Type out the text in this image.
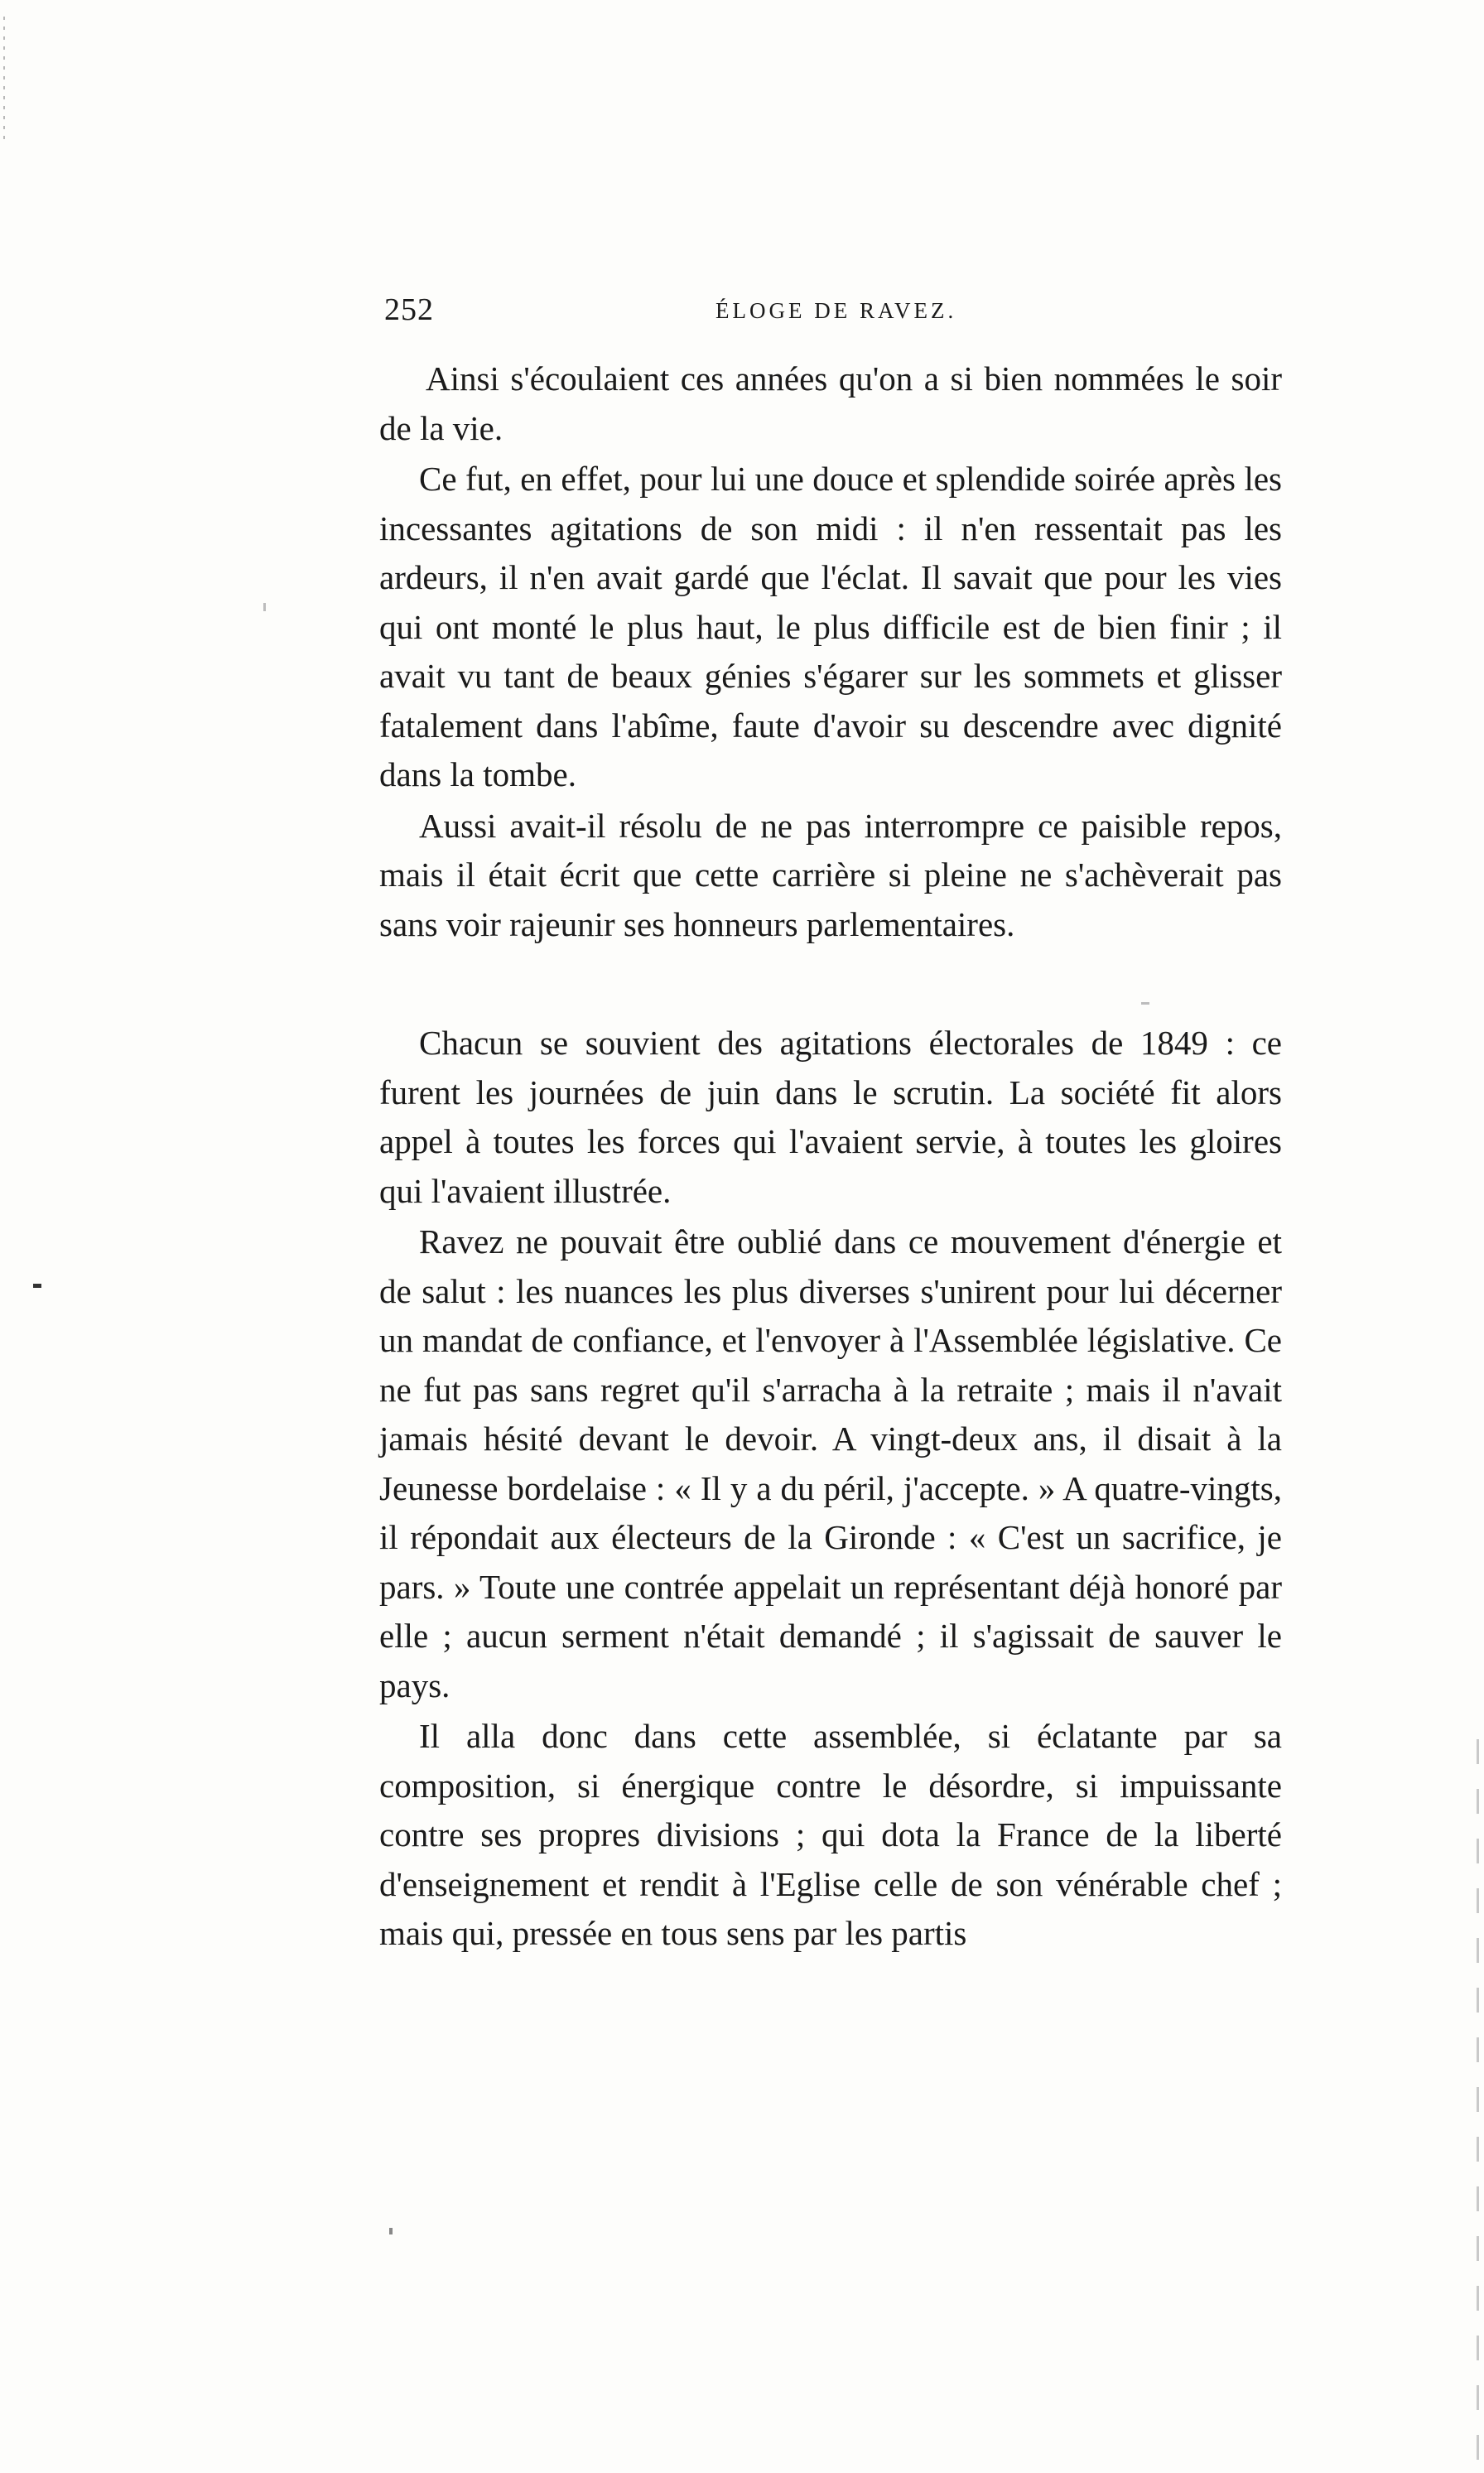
252	ÉLOGE DE RAVEZ.

Ainsi s'écoulaient ces années qu'on a si bien nommées le soir de la vie.

Ce fut, en effet, pour lui une douce et splendide soirée après les incessantes agitations de son midi : il n'en ressentait pas les ardeurs, il n'en avait gardé que l'éclat. Il savait que pour les vies qui ont monté le plus haut, le plus difficile est de bien finir ; il avait vu tant de beaux génies s'égarer sur les sommets et glisser fatalement dans l'abîme, faute d'avoir su descendre avec dignité dans la tombe.

Aussi avait-il résolu de ne pas interrompre ce paisible repos, mais il était écrit que cette carrière si pleine ne s'achèverait pas sans voir rajeunir ses honneurs parlementaires.

Chacun se souvient des agitations électorales de 1849 : ce furent les journées de juin dans le scrutin. La société fit alors appel à toutes les forces qui l'avaient servie, à toutes les gloires qui l'avaient illustrée.

Ravez ne pouvait être oublié dans ce mouvement d'énergie et de salut : les nuances les plus diverses s'unirent pour lui décerner un mandat de confiance, et l'envoyer à l'Assemblée législative. Ce ne fut pas sans regret qu'il s'arracha à la retraite ; mais il n'avait jamais hésité devant le devoir. A vingt-deux ans, il disait à la Jeunesse bordelaise : « Il y a du péril, j'accepte. » A quatre-vingts, il répondait aux électeurs de la Gironde : « C'est un sacrifice, je pars. » Toute une contrée appelait un représentant déjà honoré par elle ; aucun serment n'était demandé ; il s'agissait de sauver le pays.

Il alla donc dans cette assemblée, si éclatante par sa composition, si énergique contre le désordre, si impuissante contre ses propres divisions ; qui dota la France de la liberté d'enseignement et rendit à l'Eglise celle de son vénérable chef ; mais qui, pressée en tous sens par les partis
